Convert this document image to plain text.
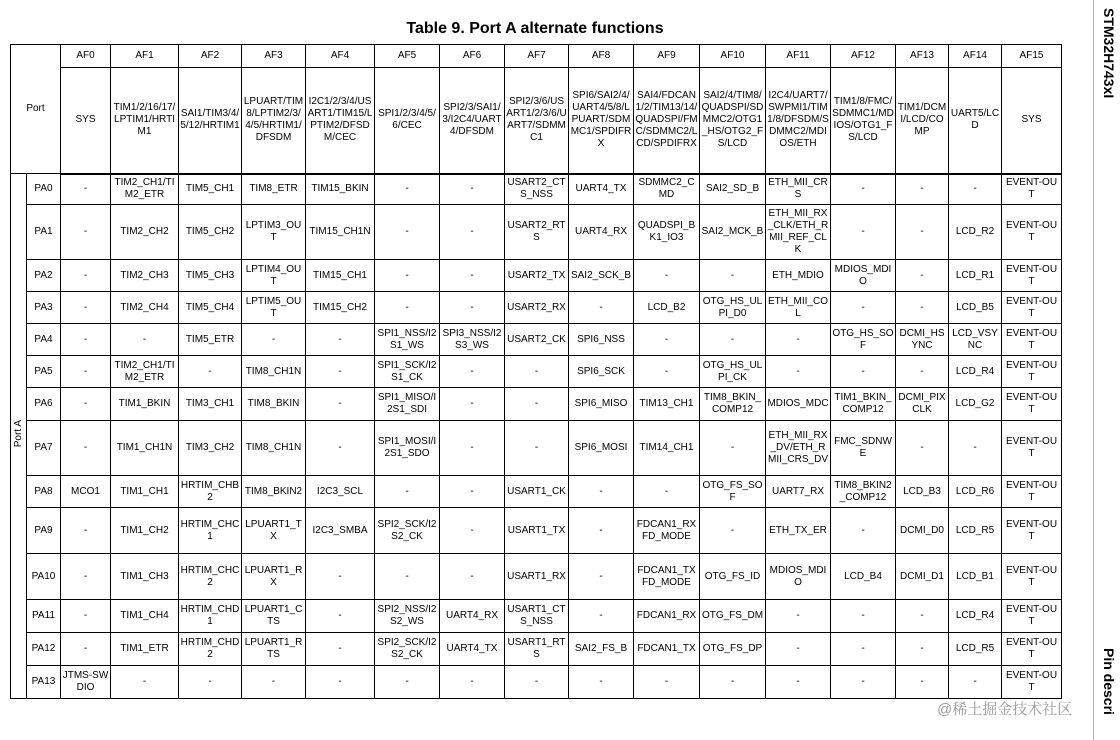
Table 9. Port A alternate functions	STM32H743xI
Pin descri
Port		AF0	AF1	AF2	AF3	AF4	AF5	AF6	AF7	AF8	AF9	AF10	AF11	AF12	AF13	AF14	AF15
		SYS	TIM1/2/16/17/LPTIM1/HRTIM1	SAI1/TIM3/4/5/12/HRTIM1	LPUART/TIM8/LPTIM2/3/4/5/HRTIM1/DFSDM	I2C1/2/3/4/USART1/TIM15/LPTIM2/DFSDM/CEC	SPI1/2/3/4/5/6/CEC	SPI2/3/SAI1/3/I2C4/UART4/DFSDM	SPI2/3/6/USART1/2/3/6/UART7/SDMMC1	SPI6/SAI2/4/UART4/5/8/LPUART/SDMMC1/SPDIFRX	SAI4/FDCAN1/2/TIM13/14/QUADSPI/FMC/SDMMC2/LCD/SPDIFRX	SAI2/4/TIM8/QUADSPI/SDMMC2/OTG1_HS/OTG2_FS/LCD	I2C4/UART7/SWPMI1/TIM1/8/DFSDM/SDMMC2/MDIOS/ETH	TIM1/8/FMC/SDMMC1/MDIOS/OTG1_FS/LCD	TIM1/DCMI/LCD/COMP	UART5/LCD	SYS
Port A	PA0	-	TIM2_CH1/TIM2_ETR	TIM5_CH1	TIM8_ETR	TIM15_BKIN	-	-	USART2_CTS_NSS	UART4_TX	SDMMC2_CMD	SAI2_SD_B	ETH_MII_CRS	-	-	-	EVENT-OUT
	PA1	-	TIM2_CH2	TIM5_CH2	LPTIM3_OUT	TIM15_CH1N	-	-	USART2_RTS	UART4_RX	QUADSPI_BK1_IO3	SAI2_MCK_B	ETH_MII_RX_CLK/ETH_RMII_REF_CLK	-	-	LCD_R2	EVENT-OUT
	PA2	-	TIM2_CH3	TIM5_CH3	LPTIM4_OUT	TIM15_CH1	-	-	USART2_TX	SAI2_SCK_B	-	-	ETH_MDIO	MDIOS_MDIO	-	LCD_R1	EVENT-OUT
	PA3	-	TIM2_CH4	TIM5_CH4	LPTIM5_OUT	TIM15_CH2	-	-	USART2_RX	-	LCD_B2	OTG_HS_ULPI_D0	ETH_MII_COL	-	-	LCD_B5	EVENT-OUT
	PA4	-	-	TIM5_ETR	-	-	SPI1_NSS/I2S1_WS	SPI3_NSS/I2S3_WS	USART2_CK	SPI6_NSS	-	-	-	OTG_HS_SOF	DCMI_HSYNC	LCD_VSYNC	EVENT-OUT
	PA5	-	TIM2_CH1/TIM2_ETR	-	TIM8_CH1N	-	SPI1_SCK/I2S1_CK	-	-	SPI6_SCK	-	OTG_HS_ULPI_CK	-	-	-	LCD_R4	EVENT-OUT
	PA6	-	TIM1_BKIN	TIM3_CH1	TIM8_BKIN	-	SPI1_MISO/I2S1_SDI	-	-	SPI6_MISO	TIM13_CH1	TIM8_BKIN_COMP12	MDIOS_MDC	TIM1_BKIN_COMP12	DCMI_PIXCLK	LCD_G2	EVENT-OUT
	PA7	-	TIM1_CH1N	TIM3_CH2	TIM8_CH1N	-	SPI1_MOSI/I2S1_SDO	-	-	SPI6_MOSI	TIM14_CH1	-	ETH_MII_RX_DV/ETH_RMII_CRS_DV	FMC_SDNWE	-	-	EVENT-OUT
	PA8	MCO1	TIM1_CH1	HRTIM_CHB2	TIM8_BKIN2	I2C3_SCL	-	-	USART1_CK	-	-	OTG_FS_SOF	UART7_RX	TIM8_BKIN2_COMP12	LCD_B3	LCD_R6	EVENT-OUT
	PA9	-	TIM1_CH2	HRTIM_CHC1	LPUART1_TX	I2C3_SMBA	SPI2_SCK/I2S2_CK	-	USART1_TX	-	FDCAN1_RXFD_MODE	-	ETH_TX_ER	-	DCMI_D0	LCD_R5	EVENT-OUT
	PA10	-	TIM1_CH3	HRTIM_CHC2	LPUART1_RX	-	-	-	USART1_RX	-	FDCAN1_TXFD_MODE	OTG_FS_ID	MDIOS_MDIO	LCD_B4	DCMI_D1	LCD_B1	EVENT-OUT
	PA11	-	TIM1_CH4	HRTIM_CHD1	LPUART1_CTS	-	SPI2_NSS/I2S2_WS	UART4_RX	USART1_CTS_NSS	-	FDCAN1_RX	OTG_FS_DM	-	-	-	LCD_R4	EVENT-OUT
	PA12	-	TIM1_ETR	HRTIM_CHD2	LPUART1_RTS	-	SPI2_SCK/I2S2_CK	UART4_TX	USART1_RTS	SAI2_FS_B	FDCAN1_TX	OTG_FS_DP	-	-	-	LCD_R5	EVENT-OUT
	PA13	JTMS-SWDIO	-	-	-	-	-	-	-	-	-	-	-	-	-	-	EVENT-OUT
@稀土掘金技术社区
